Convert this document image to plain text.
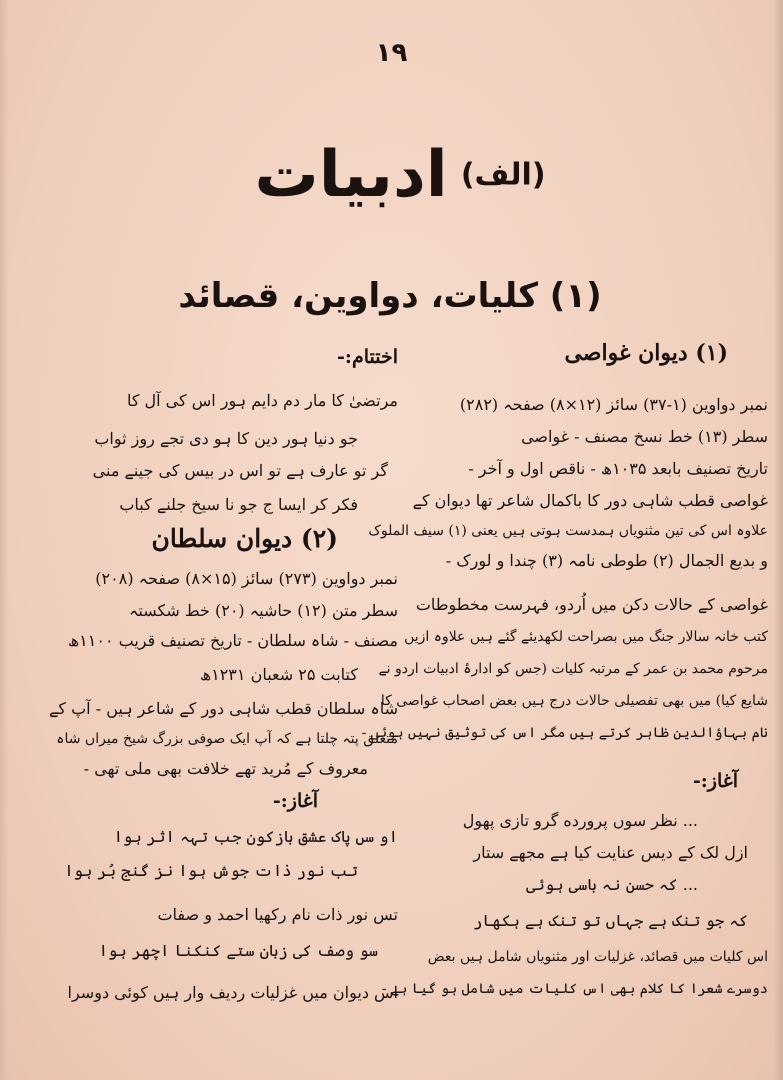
١٩
(الف) ادبیات
(۱) کلیات، دواوین، قصائد
(۱) دیوان غواصی
نمبر دواوین (۱-۳۷) سائز (۱۲×۸) صفحہ (۲۸۲)
سطر (۱۳) خط نسخ مصنف - غواصی
تاریخ تصنیف بابعد ۱۰۳۵ھ - ناقص اول و آخر -
غواصی قطب شاہی دور کا باکمال شاعر تھا دیوان کے
علاوہ اس کی تین مثنویاں ہمدست ہوتی ہیں یعنی (۱) سیف الملوک
و بدیع الجمال (۲) طوطی نامہ (۳) چندا و لورک -
غواصی کے حالات دکن میں اُردو، فہرست مخطوطات
کتب خانہ سالار جنگ میں بصراحت لکھدیئے گئے ہیں علاوہ ازیں
مرحوم محمد بن عمر کے مرتبہ کلیات (جس کو ادارۂ ادبیات اردو نے
شایع کیا) میں بھی تفصیلی حالات درج ہیں بعض اصحاب غواصی کا
نام بہاؤالدین ظاہر کرتے ہیں مگر اس کی توثیق نہیں ہوئی -
آغاز:-
... نظر سوں پرورده گرو تازی پھول
ازل لک کے دیس عنایت کیا ہے مجھے ستار
... کہ حسن نہ باسی ہوئی
کہ جو تنک ہے جہاں تو تنک ہے ہکھار
اس کلیات میں قصائد، غزلیات اور مثنویاں شامل ہیں بعض
دوسرے شعرا کا کلام بھی اس کلیات میں شامل ہو گیا ہے -
اختتام:-
مرتضیٰ کا مار دم دایم ہور اس کی آل کا
جو دنیا ہور دین کا ہو دی تجے روز ثواب
گر تو عارف ہے تو اس در بیس کی جینے منی
فکر کر ایسا ج جو نا سیخ جلنے کباب
(۲) دیوان سلطان
نمبر دواوین (۲۷۳) سائز (۱۵×۸) صفحہ (۲۰۸)
سطر متن (۱۲) حاشیہ (۲۰) خط شکستہ
مصنف - شاہ سلطان - تاریخ تصنیف قریب ۱۱۰۰ھ
کتابت ۲۵ شعبان ۱۲۳۱ھ
شاہ سلطان قطب شاہی دور کے شاعر ہیں - آپ کے
متعلق پتہ چلتا ہے کہ آپ ایک صوفی بزرگ شیخ میراں شاہ
معروف کے مُرید تھے خلافت بھی ملی تھی -
آغاز:-
او سں پاک عشق بازکون جب تہہ اثر ہوا
تب نور ذات جوش ہوا نز گنج بُر ہوا
تس نور ذات نام رکھیا احمد و صفات
سو وصف کی زبان ستے کنکنا اچھر ہوا
اس دیوان میں غزلیات ردیف وار ہیں کوئی دوسرا
